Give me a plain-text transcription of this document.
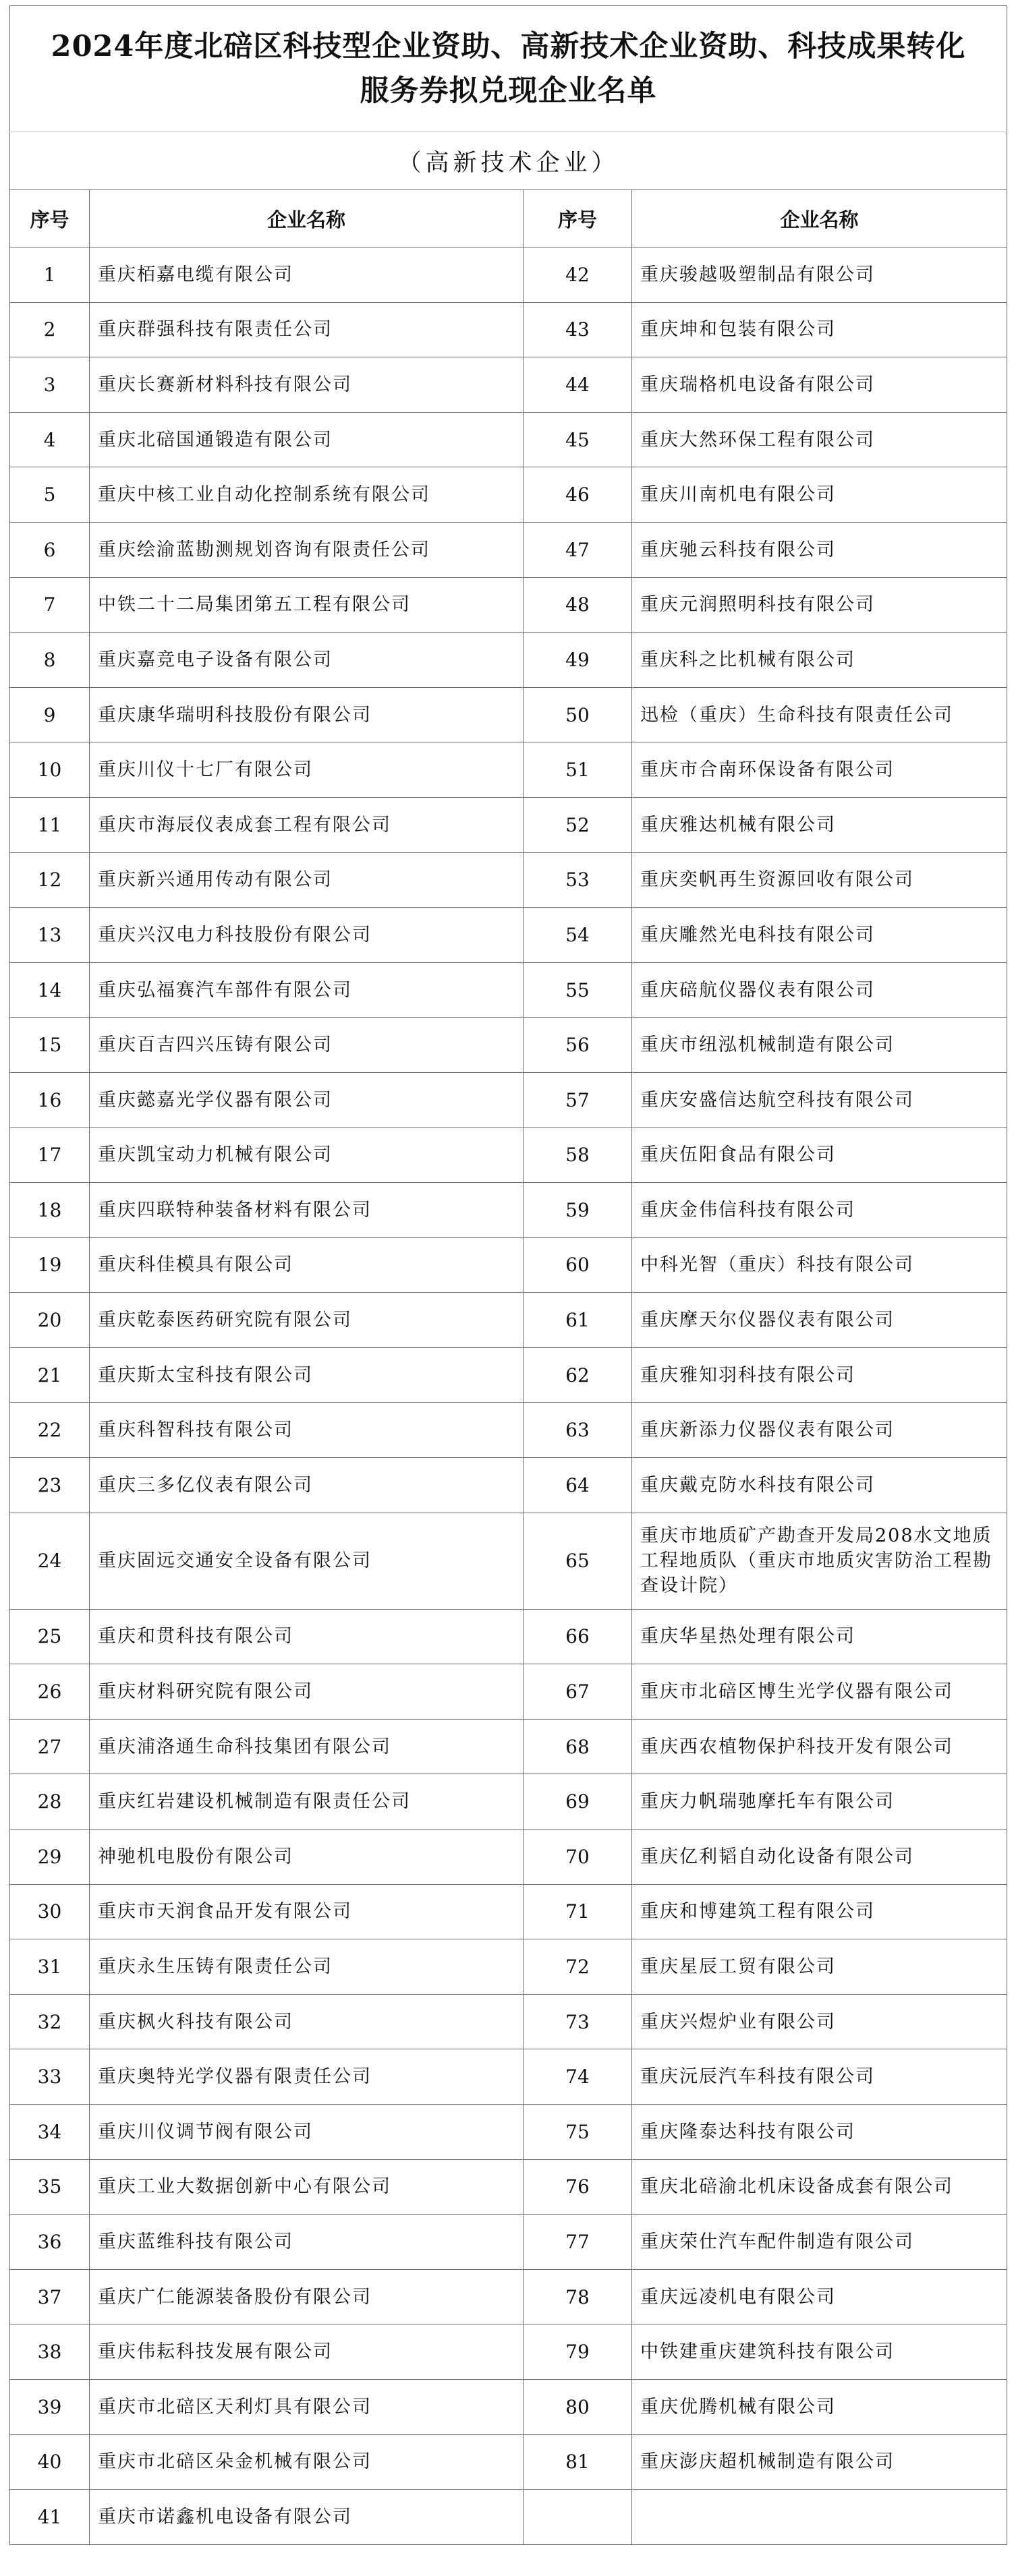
2024年度北碚区科技型企业资助、高新技术企业资助、科技成果转化服务券拟兑现企业名单			

（高新技术企业）			
序号	企业名称	序号	企业名称
1	重庆栢嘉电缆有限公司	42	重庆骏越吸塑制品有限公司
2	重庆群强科技有限责任公司	43	重庆坤和包装有限公司
3	重庆长赛新材料科技有限公司	44	重庆瑞格机电设备有限公司
4	重庆北碚国通锻造有限公司	45	重庆大然环保工程有限公司
5	重庆中核工业自动化控制系统有限公司	46	重庆川南机电有限公司
6	重庆绘渝蓝勘测规划咨询有限责任公司	47	重庆驰云科技有限公司
7	中铁二十二局集团第五工程有限公司	48	重庆元润照明科技有限公司
8	重庆嘉竞电子设备有限公司	49	重庆科之比机械有限公司
9	重庆康华瑞明科技股份有限公司	50	迅检（重庆）生命科技有限责任公司
10	重庆川仪十七厂有限公司	51	重庆市合南环保设备有限公司
11	重庆市海辰仪表成套工程有限公司	52	重庆雅达机械有限公司
12	重庆新兴通用传动有限公司	53	重庆奕帆再生资源回收有限公司
13	重庆兴汉电力科技股份有限公司	54	重庆雕然光电科技有限公司
14	重庆弘福赛汽车部件有限公司	55	重庆碚航仪器仪表有限公司
15	重庆百吉四兴压铸有限公司	56	重庆市纽泓机械制造有限公司
16	重庆懿嘉光学仪器有限公司	57	重庆安盛信达航空科技有限公司
17	重庆凯宝动力机械有限公司	58	重庆伍阳食品有限公司
18	重庆四联特种装备材料有限公司	59	重庆金伟信科技有限公司
19	重庆科佳模具有限公司	60	中科光智（重庆）科技有限公司
20	重庆乾泰医药研究院有限公司	61	重庆摩天尔仪器仪表有限公司
21	重庆斯太宝科技有限公司	62	重庆雅知羽科技有限公司
22	重庆科智科技有限公司	63	重庆新添力仪器仪表有限公司
23	重庆三多亿仪表有限公司	64	重庆戴克防水科技有限公司
24	重庆固远交通安全设备有限公司	65	重庆市地质矿产勘查开发局208水文地质工程地质队（重庆市地质灾害防治工程勘查设计院）
25	重庆和贯科技有限公司	66	重庆华星热处理有限公司
26	重庆材料研究院有限公司	67	重庆市北碚区博生光学仪器有限公司
27	重庆浦洛通生命科技集团有限公司	68	重庆西农植物保护科技开发有限公司
28	重庆红岩建设机械制造有限责任公司	69	重庆力帆瑞驰摩托车有限公司
29	神驰机电股份有限公司	70	重庆亿利韬自动化设备有限公司
30	重庆市天润食品开发有限公司	71	重庆和博建筑工程有限公司
31	重庆永生压铸有限责任公司	72	重庆星辰工贸有限公司
32	重庆枫火科技有限公司	73	重庆兴煜炉业有限公司
33	重庆奥特光学仪器有限责任公司	74	重庆沅辰汽车科技有限公司
34	重庆川仪调节阀有限公司	75	重庆隆泰达科技有限公司
35	重庆工业大数据创新中心有限公司	76	重庆北碚渝北机床设备成套有限公司
36	重庆蓝维科技有限公司	77	重庆荣仕汽车配件制造有限公司
37	重庆广仁能源装备股份有限公司	78	重庆远凌机电有限公司
38	重庆伟耘科技发展有限公司	79	中铁建重庆建筑科技有限公司
39	重庆市北碚区天利灯具有限公司	80	重庆优腾机械有限公司
40	重庆市北碚区朵金机械有限公司	81	重庆澎庆超机械制造有限公司
41	重庆市诺鑫机电设备有限公司		
